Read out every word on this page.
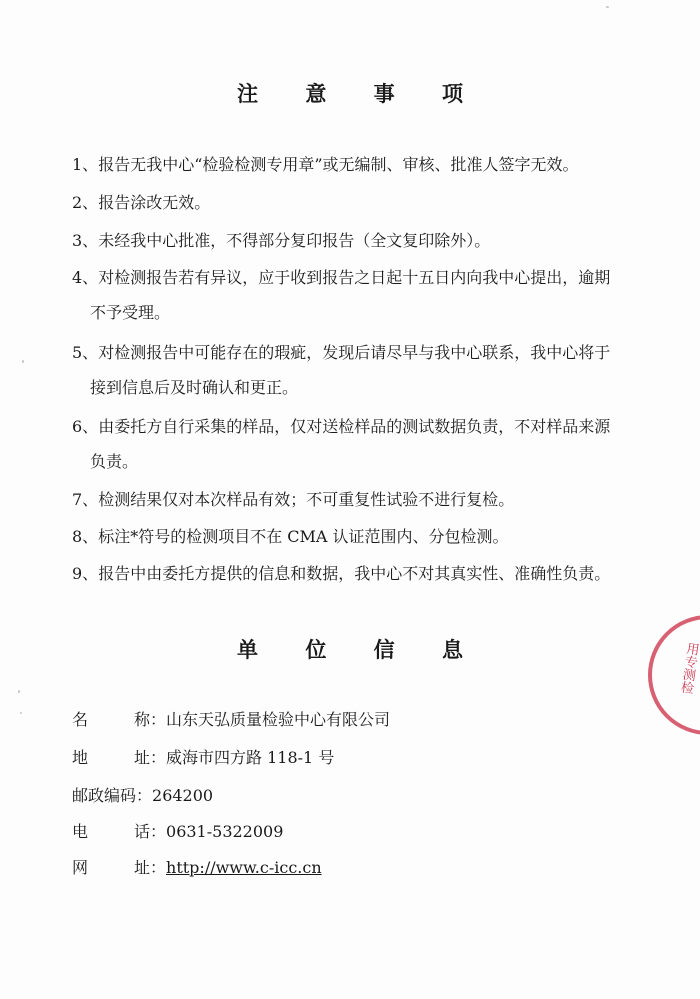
注 意 事 项
1、报告无我中心“检验检测专用章”或无编制、审核、批准人签字无效。
2、报告涂改无效。
3、未经我中心批准，不得部分复印报告（全文复印除外）。
4、对检测报告若有异议，应于收到报告之日起十五日内向我中心提出，逾期
不予受理。
5、对检测报告中可能存在的瑕疵，发现后请尽早与我中心联系，我中心将于
接到信息后及时确认和更正。
6、由委托方自行采集的样品，仅对送检样品的测试数据负责，不对样品来源
负责。
7、检测结果仅对本次样品有效；不可重复性试验不进行复检。
8、标注*符号的检测项目不在 CMA 认证范围内、分包检测。
9、报告中由委托方提供的信息和数据，我中心不对其真实性、准确性负责。
单 位 信 息
名	称：山东天弘质量检验中心有限公司
地	址：威海市四方路 118-1 号
邮政编码：264200
电	话：0631-5322009
网	址：http://www.c-icc.cn
用专测检
